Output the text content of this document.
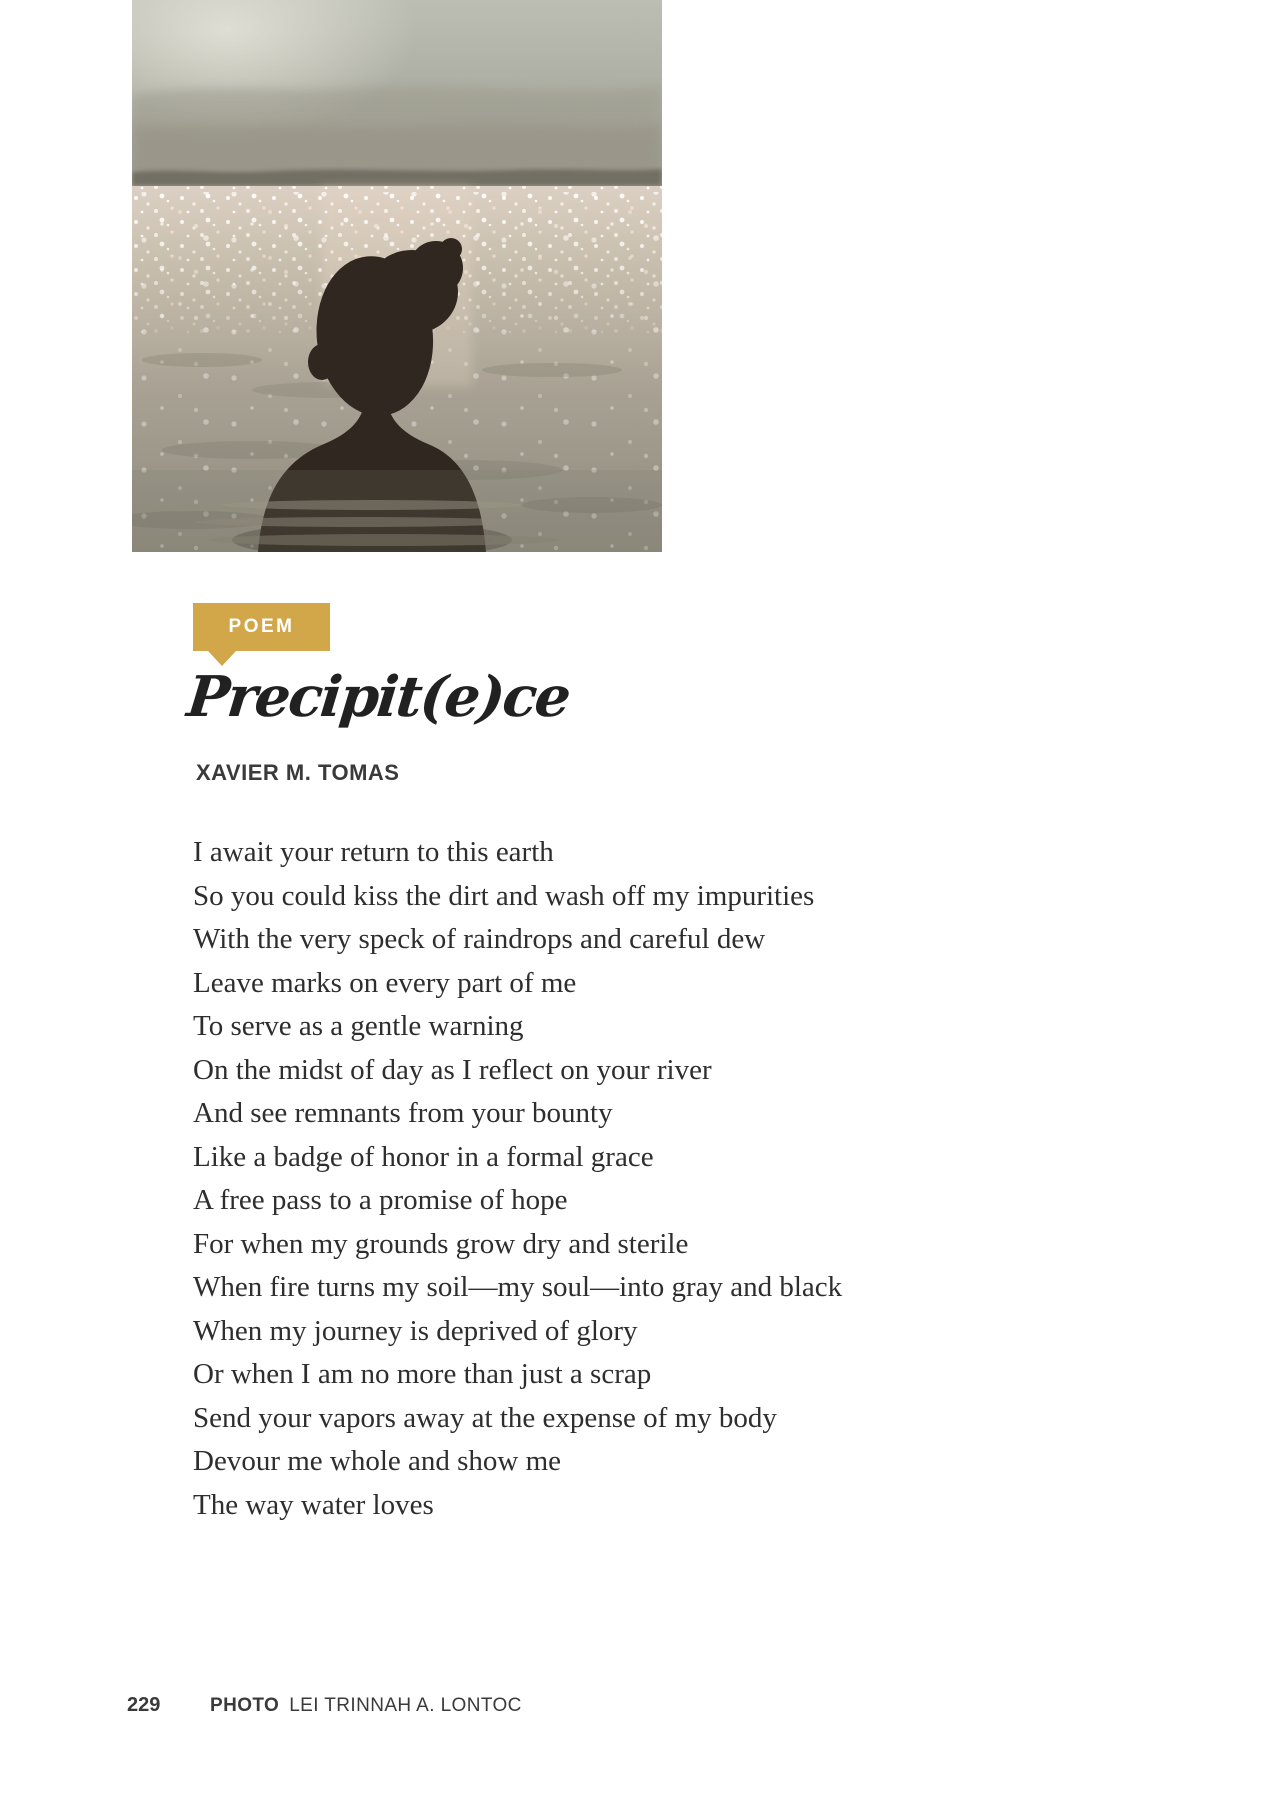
POEM
Precipit(e)ce
XAVIER M. TOMAS
I await your return to this earth
So you could kiss the dirt and wash off my impurities
With the very speck of raindrops and careful dew
Leave marks on every part of me
To serve as a gentle warning
On the midst of day as I reflect on your river
And see remnants from your bounty
Like a badge of honor in a formal grace
A free pass to a promise of hope
For when my grounds grow dry and sterile
When fire turns my soil—my soul—into gray and black
When my journey is deprived of glory
Or when I am no more than just a scrap
Send your vapors away at the expense of my body
Devour me whole and show me
The way water loves
229	PHOTO LEI TRINNAH A. LONTOC
